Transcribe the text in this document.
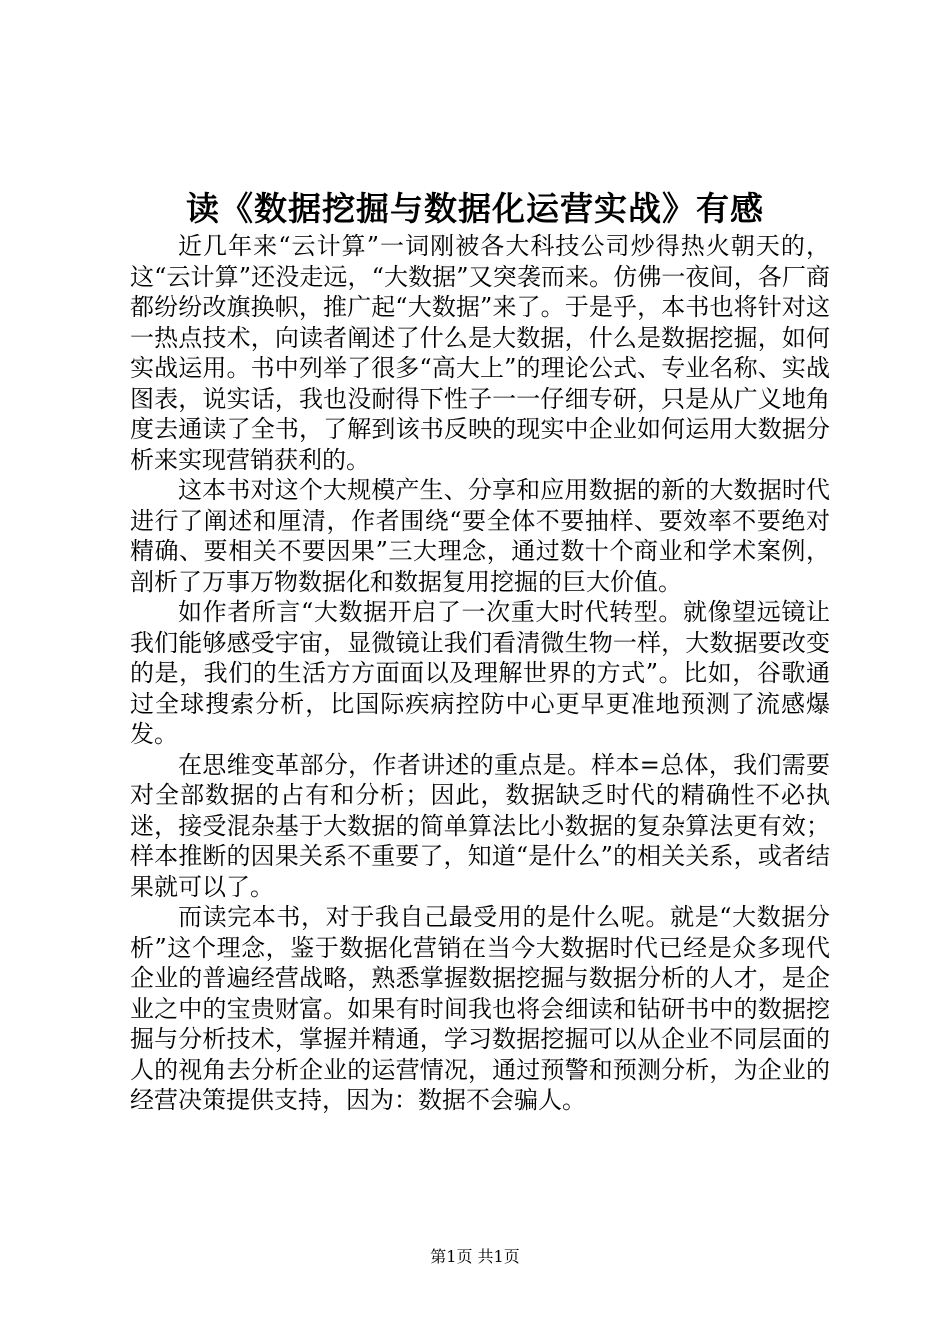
读《数据挖掘与数据化运营实战》有感

近几年来“云计算”一词刚被各大科技公司炒得热火朝天的，这“云计算”还没走远，“大数据”又突袭而来。仿佛一夜间，各厂商都纷纷改旗换帜，推广起“大数据”来了。于是乎，本书也将针对这一热点技术，向读者阐述了什么是大数据，什么是数据挖掘，如何实战运用。书中列举了很多“高大上”的理论公式、专业名称、实战图表，说实话，我也没耐得下性子一一仔细专研，只是从广义地角度去通读了全书，了解到该书反映的现实中企业如何运用大数据分析来实现营销获利的。

这本书对这个大规模产生、分享和应用数据的新的大数据时代进行了阐述和厘清，作者围绕“要全体不要抽样、要效率不要绝对精确、要相关不要因果”三大理念，通过数十个商业和学术案例，剖析了万事万物数据化和数据复用挖掘的巨大价值。

如作者所言“大数据开启了一次重大时代转型。就像望远镜让我们能够感受宇宙，显微镜让我们看清微生物一样，大数据要改变的是，我们的生活方方面面以及理解世界的方式”。比如，谷歌通过全球搜索分析，比国际疾病控防中心更早更准地预测了流感爆发。

在思维变革部分，作者讲述的重点是。样本=总体，我们需要对全部数据的占有和分析；因此，数据缺乏时代的精确性不必执迷，接受混杂基于大数据的简单算法比小数据的复杂算法更有效；样本推断的因果关系不重要了，知道“是什么”的相关关系，或者结果就可以了。

而读完本书，对于我自己最受用的是什么呢。就是“大数据分析”这个理念，鉴于数据化营销在当今大数据时代已经是众多现代企业的普遍经营战略，熟悉掌握数据挖掘与数据分析的人才，是企业之中的宝贵财富。如果有时间我也将会细读和钻研书中的数据挖掘与分析技术，掌握并精通，学习数据挖掘可以从企业不同层面的人的视角去分析企业的运营情况，通过预警和预测分析，为企业的经营决策提供支持，因为：数据不会骗人。

第1页 共1页
